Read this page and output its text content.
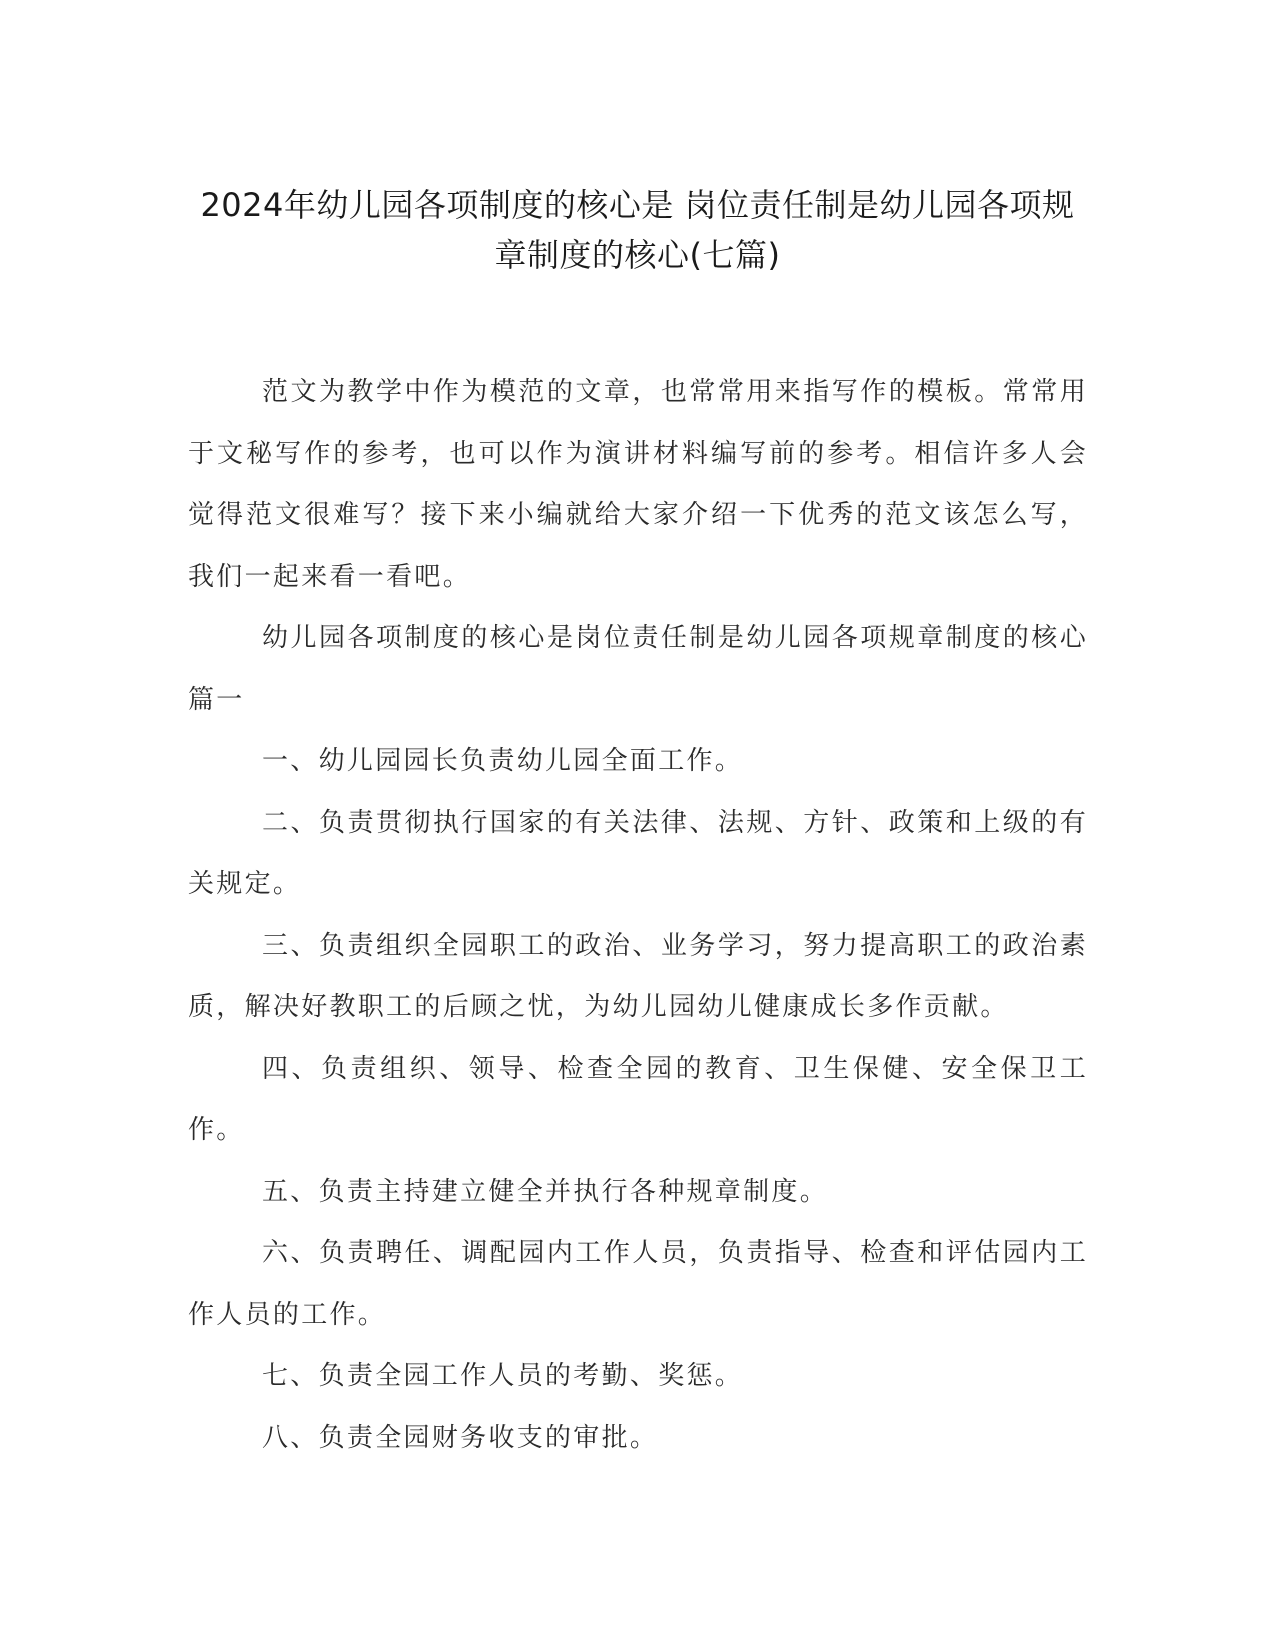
2024年幼儿园各项制度的核心是 岗位责任制是幼儿园各项规
章制度的核心(七篇)

范文为教学中作为模范的文章，也常常用来指写作的模板。常常用于文秘写作的参考，也可以作为演讲材料编写前的参考。相信许多人会觉得范文很难写？接下来小编就给大家介绍一下优秀的范文该怎么写，我们一起来看一看吧。

幼儿园各项制度的核心是岗位责任制是幼儿园各项规章制度的核心篇一

一、幼儿园园长负责幼儿园全面工作。

二、负责贯彻执行国家的有关法律、法规、方针、政策和上级的有关规定。

三、负责组织全园职工的政治、业务学习，努力提高职工的政治素质，解决好教职工的后顾之忧，为幼儿园幼儿健康成长多作贡献。

四、负责组织、领导、检查全园的教育、卫生保健、安全保卫工作。

五、负责主持建立健全并执行各种规章制度。

六、负责聘任、调配园内工作人员，负责指导、检查和评估园内工作人员的工作。

七、负责全园工作人员的考勤、奖惩。

八、负责全园财务收支的审批。
